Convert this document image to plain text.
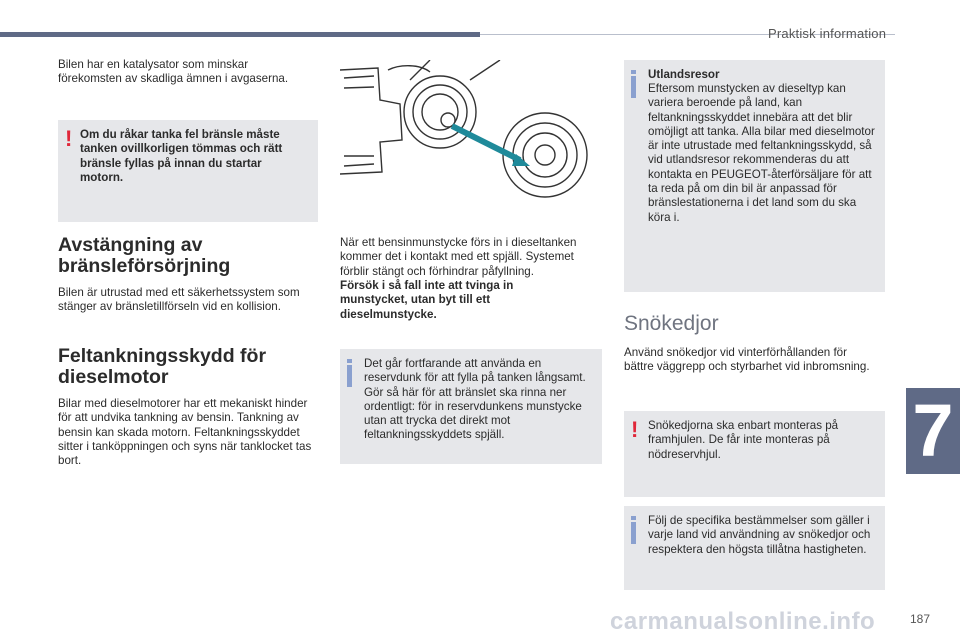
Praktisk information
7
Bilen har en katalysator som minskar förekomsten av skadliga ämnen i avgaserna.
! Om du råkar tanka fel bränsle måste tanken ovillkorligen tömmas och rätt bränsle fyllas på innan du startar motorn.
Avstängning av bränsleförsörjning
Bilen är utrustad med ett säkerhetssystem som stänger av bränsletillförseln vid en kollision.
Feltankningsskydd för dieselmotor
Bilar med dieselmotorer har ett mekaniskt hinder för att undvika tankning av bensin. Tankning av bensin kan skada motorn. Feltankningsskyddet sitter i tanköppningen och syns när tanklocket tas bort.
När ett bensinmunstycke förs in i dieseltanken kommer det i kontakt med ett spjäll. Systemet förblir stängt och förhindrar påfyllning.
Försök i så fall inte att tvinga in munstycket, utan byt till ett dieselmunstycke.
Det går fortfarande att använda en reservdunk för att fylla på tanken långsamt. Gör så här för att bränslet ska rinna ner ordentligt: för in reservdunkens munstycke utan att trycka det direkt mot feltankningsskyddets spjäll.
Utlandsresor
Eftersom munstycken av dieseltyp kan variera beroende på land, kan feltankningsskyddet innebära att det blir omöjligt att tanka. Alla bilar med dieselmotor är inte utrustade med feltankningsskydd, så vid utlandsresor rekommenderas du att kontakta en PEUGEOT-återförsäljare för att ta reda på om din bil är anpassad för bränslestationerna i det land som du ska köra i.
Snökedjor
Använd snökedjor vid vinterförhållanden för bättre väggrepp och styrbarhet vid inbromsning.
! Snökedjorna ska enbart monteras på framhjulen. De får inte monteras på nödreservhjul.
Följ de specifika bestämmelser som gäller i varje land vid användning av snökedjor och respektera den högsta tillåtna hastigheten.
carmanualsonline.info	187
